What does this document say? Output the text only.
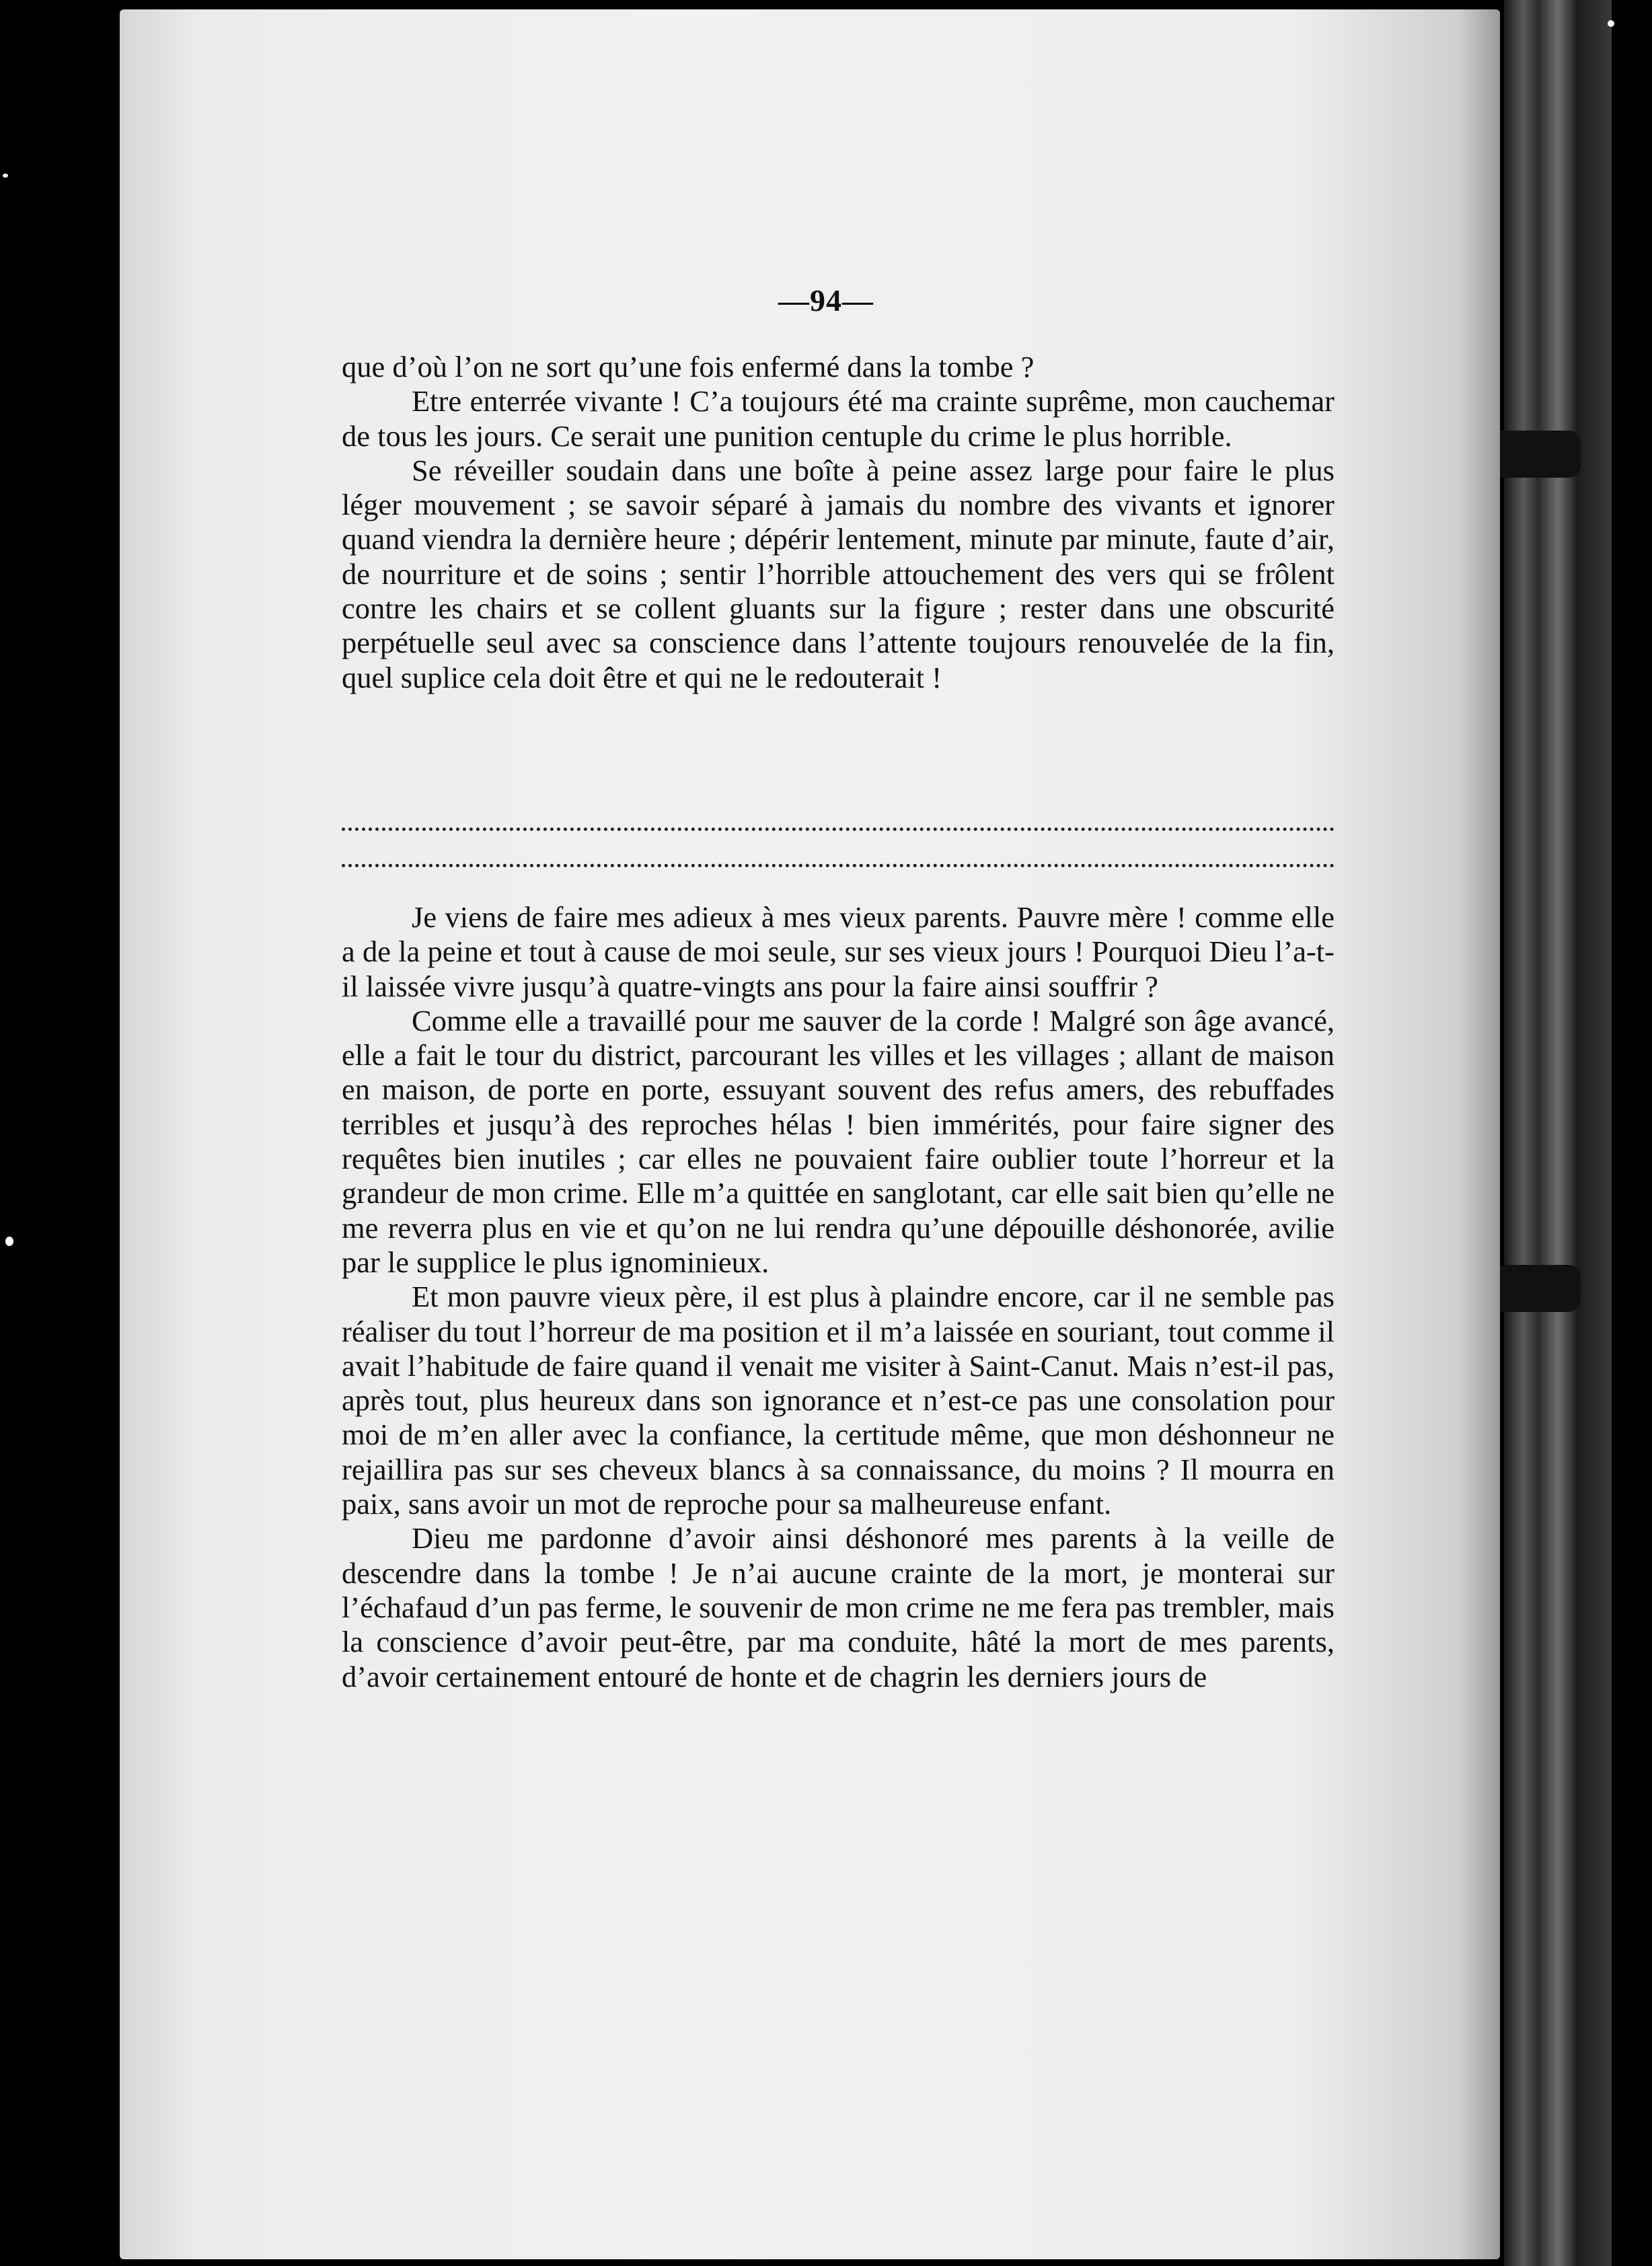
—94—

que d’où l’on ne sort qu’une fois enfermé dans la tombe ?

Etre enterrée vivante ! C’a toujours été ma crainte suprême, mon cauchemar de tous les jours. Ce serait une punition centuple du crime le plus horrible.

Se réveiller soudain dans une boîte à peine assez large pour faire le plus léger mouvement ; se savoir séparé à jamais du nombre des vivants et ignorer quand viendra la dernière heure ; dépérir lentement, minute par minute, faute d’air, de nourriture et de soins ; sentir l’horrible attouchement des vers qui se frôlent contre les chairs et se collent gluants sur la figure ; rester dans une obscurité perpétuelle seul avec sa conscience dans l’attente toujours renouvelée de la fin, quel suplice cela doit être et qui ne le redouterait !

Je viens de faire mes adieux à mes vieux parents. Pauvre mère ! comme elle a de la peine et tout à cause de moi seule, sur ses vieux jours ! Pourquoi Dieu l’a-t-il laissée vivre jusqu’à quatre-vingts ans pour la faire ainsi souffrir ?

Comme elle a travaillé pour me sauver de la corde ! Malgré son âge avancé, elle a fait le tour du district, parcourant les villes et les villages ; allant de maison en maison, de porte en porte, essuyant souvent des refus amers, des rebuffades terribles et jusqu’à des reproches hélas ! bien immérités, pour faire signer des requêtes bien inutiles ; car elles ne pouvaient faire oublier toute l’horreur et la grandeur de mon crime. Elle m’a quittée en sanglotant, car elle sait bien qu’elle ne me reverra plus en vie et qu’on ne lui rendra qu’une dépouille déshonorée, avilie par le supplice le plus ignominieux.

Et mon pauvre vieux père, il est plus à plaindre encore, car il ne semble pas réaliser du tout l’horreur de ma position et il m’a laissée en souriant, tout comme il avait l’habitude de faire quand il venait me visiter à Saint-Canut. Mais n’est-il pas, après tout, plus heureux dans son ignorance et n’est-ce pas une consolation pour moi de m’en aller avec la confiance, la certitude même, que mon déshonneur ne rejaillira pas sur ses cheveux blancs à sa connaissance, du moins ? Il mourra en paix, sans avoir un mot de reproche pour sa malheureuse enfant.

Dieu me pardonne d’avoir ainsi déshonoré mes parents à la veille de descendre dans la tombe ! Je n’ai aucune crainte de la mort, je monterai sur l’échafaud d’un pas ferme, le souvenir de mon crime ne me fera pas trembler, mais la conscience d’avoir peut-être, par ma conduite, hâté la mort de mes parents, d’avoir certainement entouré de honte et de chagrin les derniers jours de
